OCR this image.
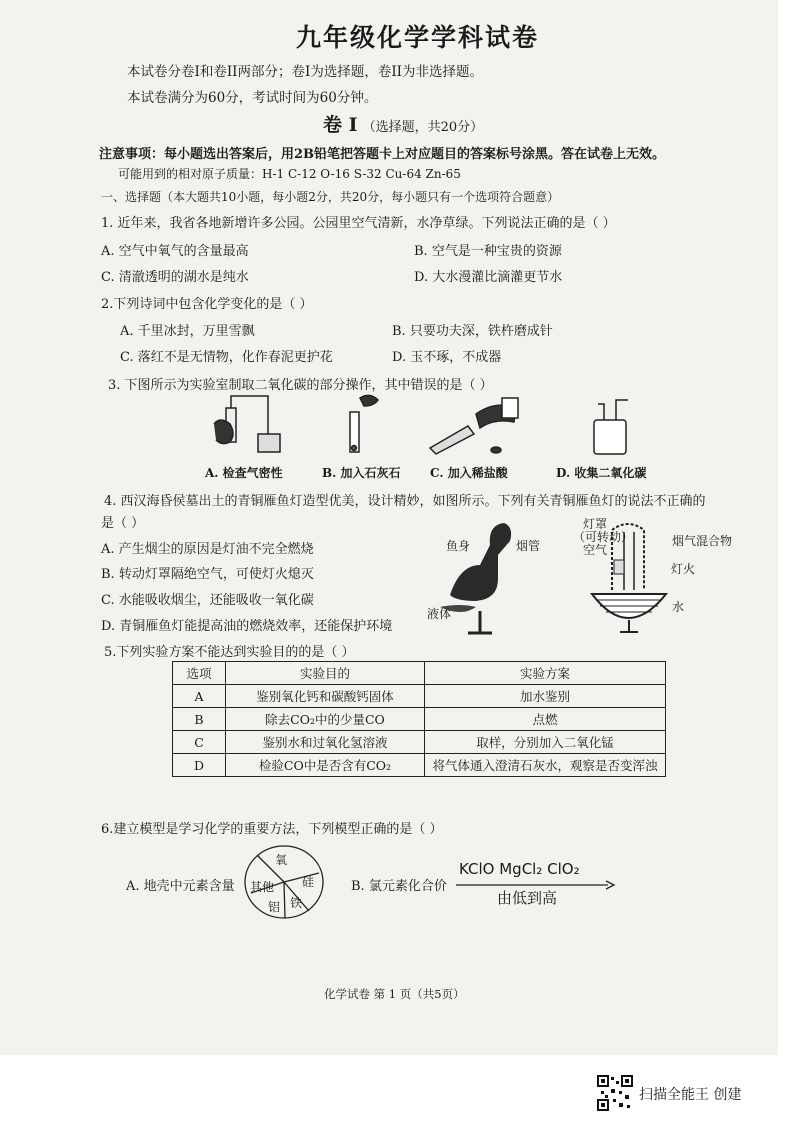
九年级化学学科试卷
本试卷分卷I和卷II两部分；卷I为选择题，卷II为非选择题。
本试卷满分为60分，考试时间为60分钟。
卷 I （选择题，共20分）
注意事项：每小题选出答案后，用2B铅笔把答题卡上对应题目的答案标号涂黑。答在试卷上无效。
可能用到的相对原子质量：H-1 C-12 O-16 S-32 Cu-64 Zn-65
一、选择题（本大题共10小题，每小题2分，共20分，每小题只有一个选项符合题意）
1. 近年来，我省各地新增许多公园。公园里空气清新，水净草绿。下列说法正确的是（ ）
A. 空气中氧气的含量最高	B. 空气是一种宝贵的资源
C. 清澈透明的湖水是纯水	D. 大水漫灌比滴灌更节水
2.下列诗词中包含化学变化的是（ ）
A. 千里冰封，万里雪飘	B. 只要功夫深，铁杵磨成针
C. 落红不是无情物，化作春泥更护花	D. 玉不琢，不成器
3. 下图所示为实验室制取二氧化碳的部分操作，其中错误的是（ ）
A. 检查气密性	B. 加入石灰石 C. 加入稀盐酸	D. 收集二氧化碳
4. 西汉海昏侯墓出土的青铜雁鱼灯造型优美，设计精妙，如图所示。下列有关青铜雁鱼灯的说法不正确的
是（ ）
A. 产生烟尘的原因是灯油不完全燃烧
B. 转动灯罩隔绝空气，可使灯火熄灭
C. 水能吸收烟尘，还能吸收一氧化碳
D. 青铜雁鱼灯能提高油的燃烧效率，还能保护环境
鱼身	烟管
液体
灯罩
（可转动）
空气
烟气混合物
灯火
水
5.下列实验方案不能达到实验目的的是（ ）
选项	实验目的	实验方案
A	鉴别氧化钙和碳酸钙固体	加水鉴别
B	除去CO₂中的少量CO	点燃
C	鉴别水和过氧化氢溶液	取样，分别加入二氧化锰
D	检验CO中是否含有CO₂	将气体通入澄清石灰水，观察是否变浑浊
6.建立模型是学习化学的重要方法，下列模型正确的是（ ）
A. 地壳中元素含量
氧
硅
铁
铝
其他	B. 氯元素化合价
KClO MgCl₂ ClO₂
由低到高
化学试卷 第 1 页（共5页）
扫描全能王 创建
